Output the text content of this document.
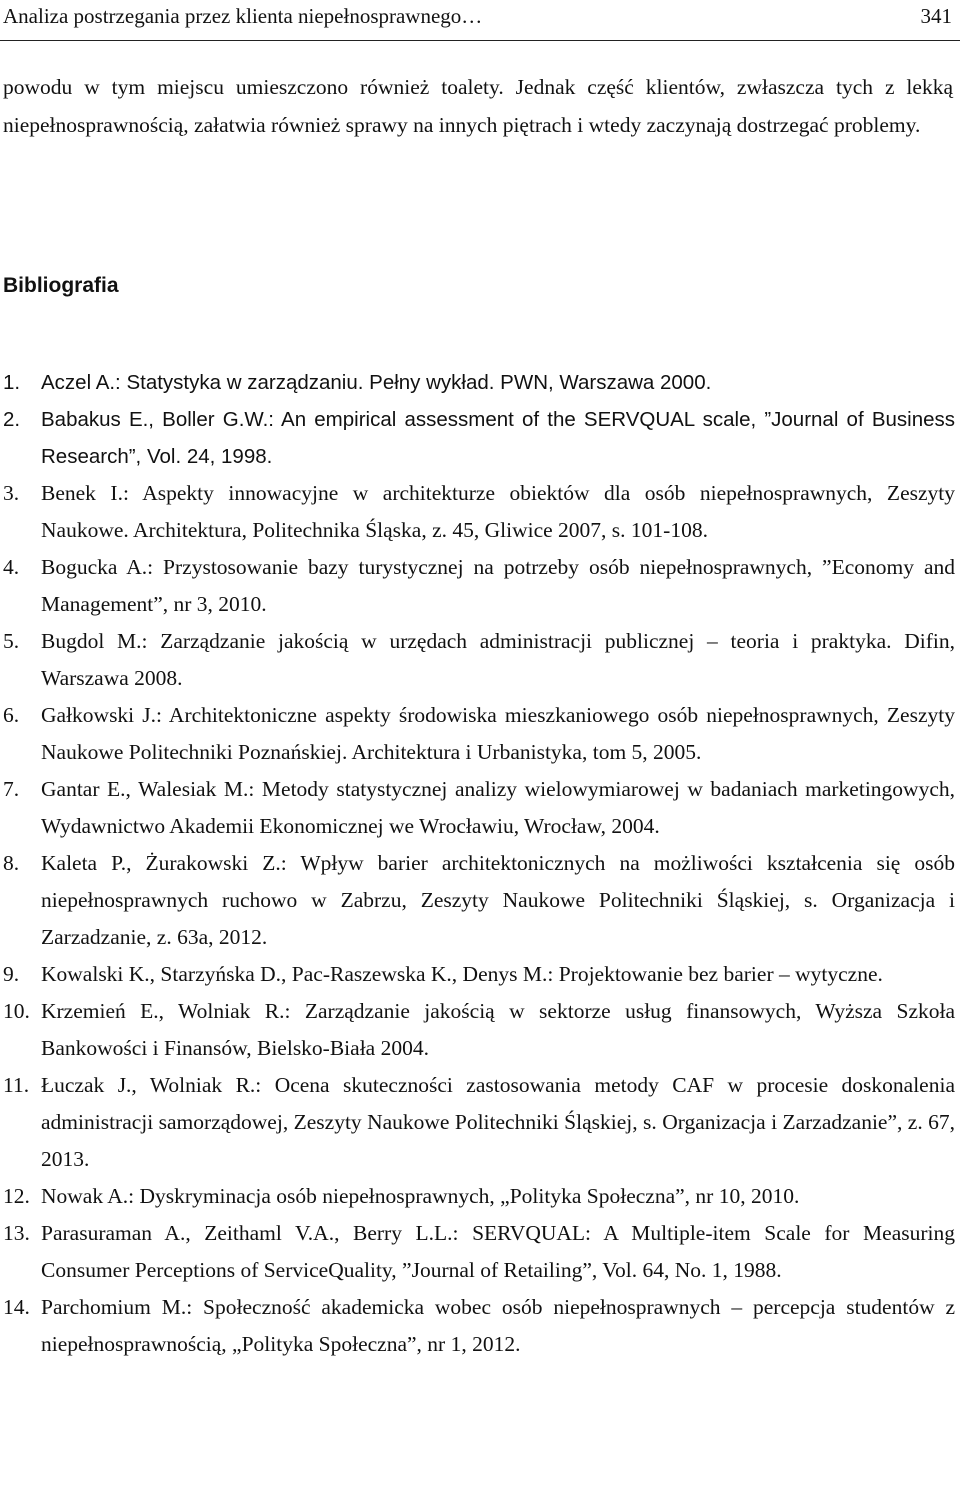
Analiza postrzegania przez klienta niepełnosprawnego…	341

powodu w tym miejscu umieszczono również toalety. Jednak część klientów, zwłaszcza tych z lekką niepełnosprawnością, załatwia również sprawy na innych piętrach i wtedy zaczynają dostrzegać problemy.

Bibliografia
1. Aczel A.: Statystyka w zarządzaniu. Pełny wykład. PWN, Warszawa 2000.
2. Babakus E., Boller G.W.: An empirical assessment of the SERVQUAL scale, ”Journal of Business Research”, Vol. 24, 1998.
3. Benek I.: Aspekty innowacyjne w architekturze obiektów dla osób niepełnosprawnych, Zeszyty Naukowe. Architektura, Politechnika Śląska, z. 45, Gliwice 2007, s. 101-108.
4. Bogucka A.: Przystosowanie bazy turystycznej na potrzeby osób niepełnosprawnych, ”Economy and Management”, nr 3, 2010.
5. Bugdol M.: Zarządzanie jakością w urzędach administracji publicznej – teoria i praktyka. Difin, Warszawa 2008.
6. Gałkowski J.: Architektoniczne aspekty środowiska mieszkaniowego osób niepełnosprawnych, Zeszyty Naukowe Politechniki Poznańskiej. Architektura i Urbanistyka, tom 5, 2005.
7. Gantar E., Walesiak M.: Metody statystycznej analizy wielowymiarowej w badaniach marketingowych, Wydawnictwo Akademii Ekonomicznej we Wrocławiu, Wrocław, 2004.
8. Kaleta P., Żurakowski Z.: Wpływ barier architektonicznych na możliwości kształcenia się osób niepełnosprawnych ruchowo w Zabrzu, Zeszyty Naukowe Politechniki Śląskiej, s. Organizacja i Zarzadzanie, z. 63a, 2012.
9. Kowalski K., Starzyńska D., Pac-Raszewska K., Denys M.: Projektowanie bez barier – wytyczne.
10. Krzemień E., Wolniak R.: Zarządzanie jakością w sektorze usług finansowych, Wyższa Szkoła Bankowości i Finansów, Bielsko-Biała 2004.
11. Łuczak J., Wolniak R.: Ocena skuteczności zastosowania metody CAF w procesie doskonalenia administracji samorządowej, Zeszyty Naukowe Politechniki Śląskiej, s. Organizacja i Zarzadzanie”, z. 67, 2013.
12. Nowak A.: Dyskryminacja osób niepełnosprawnych, „Polityka Społeczna”, nr 10, 2010.
13. Parasuraman A., Zeithaml V.A., Berry L.L.: SERVQUAL: A Multiple-item Scale for Measuring Consumer Perceptions of ServiceQuality, ”Journal of Retailing”, Vol. 64, No. 1, 1988.
14. Parchomium M.: Społeczność akademicka wobec osób niepełnosprawnych – percepcja studentów z niepełnosprawnością, „Polityka Społeczna”, nr 1, 2012.
